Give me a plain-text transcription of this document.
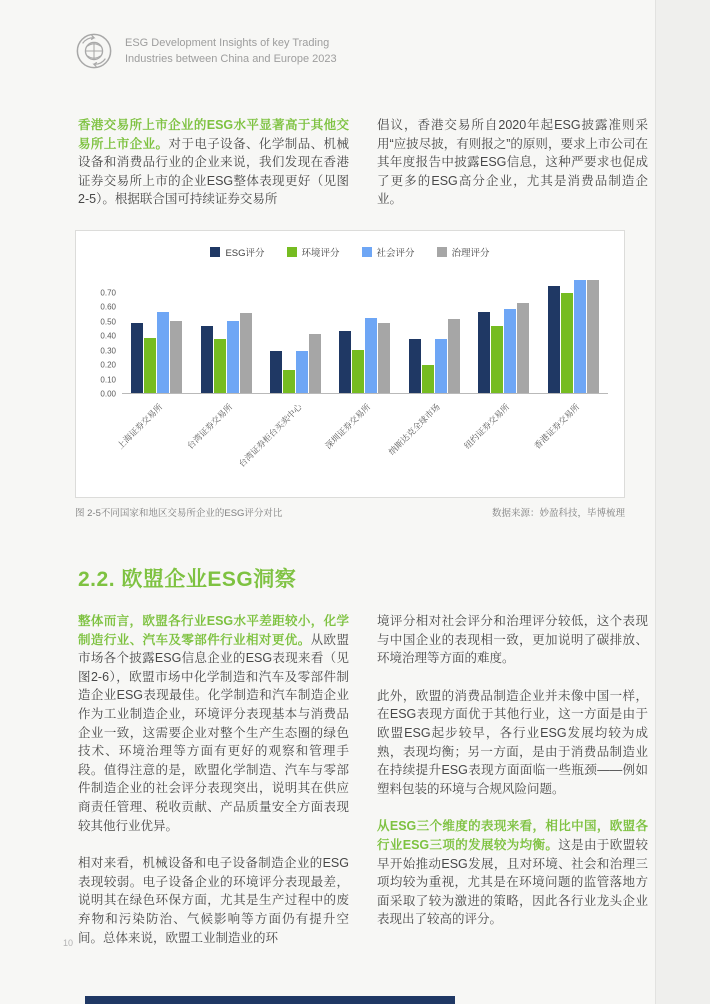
ESG Development Insights of key Trading
Industries between China and Europe 2023

香港交易所上市企业的ESG水平显著高于其他交易所上市企业。对于电子设备、化学制品、机械设备和消费品行业的企业来说，我们发现在香港证券交易所上市的企业ESG整体表现更好（见图 2-5）。根据联合国可持续证券交易所

倡议，香港交易所自2020年起ESG披露准则采用“应披尽披，有则报之”的原则，要求上市公司在其年度报告中披露ESG信息，这种严要求也促成了更多的ESG高分企业，尤其是消费品制造企业。

ESG评分	环境评分	社会评分	治理评分
0.70
0.60
0.50
0.40
0.30
0.20
0.10
0.00
上海证券交易所 台湾证券交易所 台湾证券柜台买卖中心 深圳证券交易所 纳斯达克全球市场 纽约证券交易所 香港证券交易所
图 2-5不同国家和地区交易所企业的ESG评分对比	数据来源：妙盈科技，毕博梳理
2.2. 欧盟企业ESG洞察

整体而言，欧盟各行业ESG水平差距较小，化学制造行业、汽车及零部件行业相对更优。从欧盟市场各个披露ESG信息企业的ESG表现来看（见图2-6），欧盟市场中化学制造和汽车及零部件制造企业ESG表现最佳。化学制造和汽车制造企业作为工业制造企业，环境评分表现基本与消费品企业一致，这需要企业对整个生产生态圈的绿色技术、环境治理等方面有更好的观察和管理手段。值得注意的是，欧盟化学制造、汽车与零部件制造企业的社会评分表现突出，说明其在供应商责任管理、税收贡献、产品质量安全方面表现较其他行业优异。

相对来看，机械设备和电子设备制造企业的ESG表现较弱。电子设备企业的环境评分表现最差，说明其在绿色环保方面，尤其是生产过程中的废弃物和污染防治、气候影响等方面仍有提升空间。总体来说，欧盟工业制造业的环

境评分相对社会评分和治理评分较低，这个表现与中国企业的表现相一致，更加说明了碳排放、环境治理等方面的难度。

此外，欧盟的消费品制造企业并未像中国一样，在ESG表现方面优于其他行业，这一方面是由于欧盟ESG起步较早，各行业ESG发展均较为成熟，表现均衡；另一方面，是由于消费品制造业在持续提升ESG表现方面面临一些瓶颈——例如塑料包装的环境与合规风险问题。

从ESG三个维度的表现来看，相比中国，欧盟各行业ESG三项的发展较为均衡。这是由于欧盟较早开始推动ESG发展，且对环境、社会和治理三项均较为重视，尤其是在环境问题的监管落地方面采取了较为激进的策略，因此各行业龙头企业表现出了较高的评分。

10
